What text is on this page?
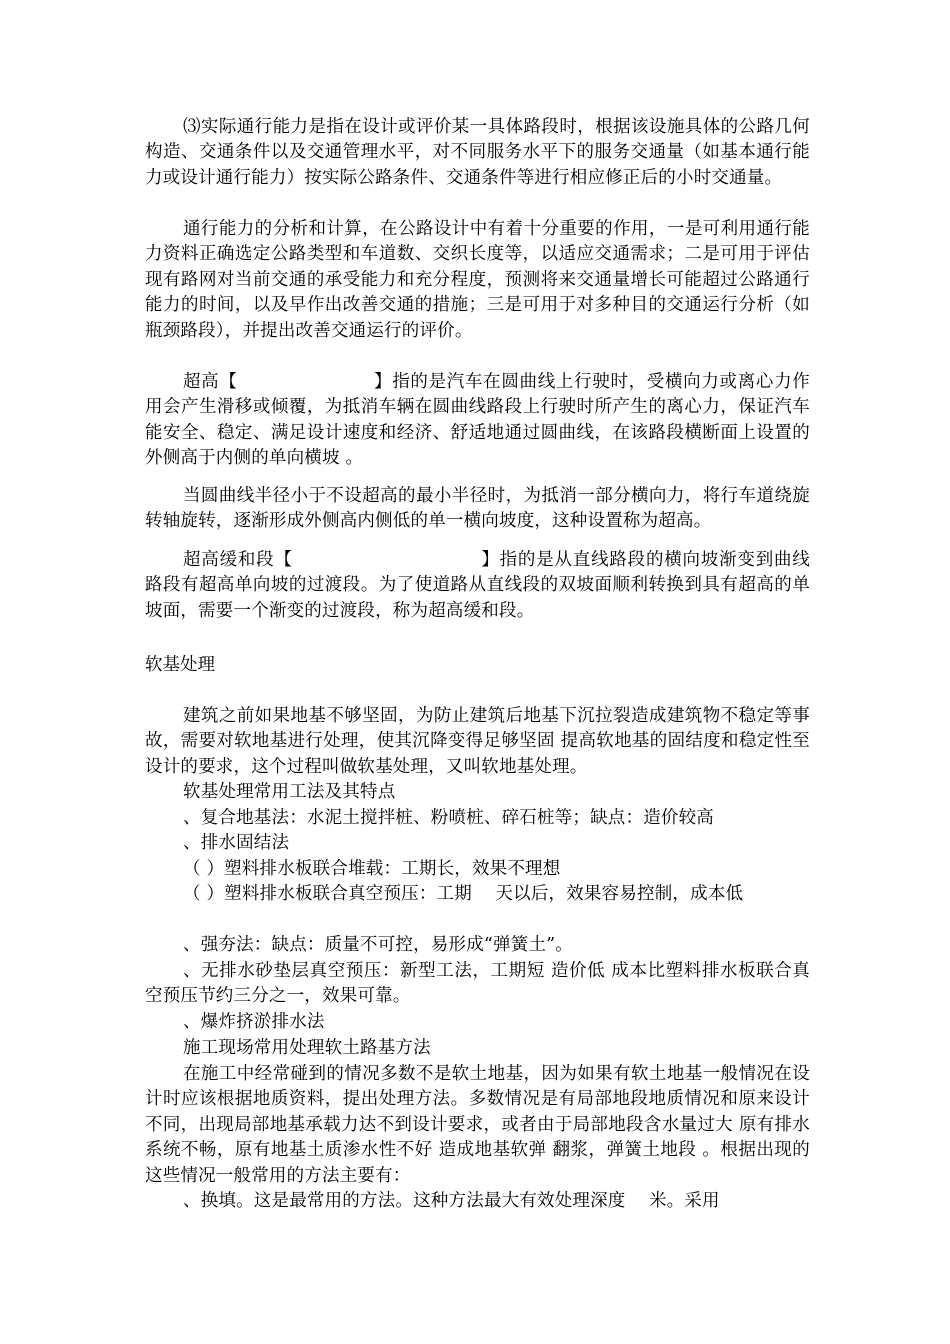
⑶实际通行能力是指在设计或评价某一具体路段时，根据该设施具体的公路几何构造、交通条件以及交通管理水平，对不同服务水平下的服务交通量（如基本通行能力或设计通行能力）按实际公路条件、交通条件等进行相应修正后的小时交通量。

通行能力的分析和计算，在公路设计中有着十分重要的作用，一是可利用通行能力资料正确选定公路类型和车道数、交织长度等，以适应交通需求；二是可用于评估现有路网对当前交通的承受能力和充分程度，预测将来交通量增长可能超过公路通行能力的时间，以及早作出改善交通的措施；三是可用于对多种目的交通运行分析（如瓶颈路段），并提出改善交通运行的评价。

超高【	】指的是汽车在圆曲线上行驶时，受横向力或离心力作用会产生滑移或倾覆，为抵消车辆在圆曲线路段上行驶时所产生的离心力，保证汽车能安全、稳定、满足设计速度和经济、舒适地通过圆曲线，在该路段横断面上设置的外侧高于内侧的单向横坡 。

当圆曲线半径小于不设超高的最小半径时，为抵消一部分横向力，将行车道绕旋转轴旋转，逐渐形成外侧高内侧低的单一横向坡度，这种设置称为超高。

超高缓和段【	】指的是从直线路段的横向坡渐变到曲线路段有超高单向坡的过渡段。为了使道路从直线段的双坡面顺利转换到具有超高的单坡面，需要一个渐变的过渡段，称为超高缓和段。

软基处理

建筑之前如果地基不够坚固，为防止建筑后地基下沉拉裂造成建筑物不稳定等事故，需要对软地基进行处理，使其沉降变得足够坚固 提高软地基的固结度和稳定性至设计的要求，这个过程叫做软基处理，又叫软地基处理。

软基处理常用工法及其特点

、复合地基法：水泥土搅拌桩、粉喷桩、碎石桩等；缺点：造价较高

、排水固结法

（ ）塑料排水板联合堆载：工期长，效果不理想

（ ）塑料排水板联合真空预压：工期　 天以后，效果容易控制，成本低

、强夯法：缺点：质量不可控，易形成“弹簧土”。

、无排水砂垫层真空预压：新型工法，工期短 造价低 成本比塑料排水板联合真空预压节约三分之一，效果可靠。

、爆炸挤淤排水法

施工现场常用处理软土路基方法

在施工中经常碰到的情况多数不是软土地基，因为如果有软土地基一般情况在设计时应该根据地质资料，提出处理方法。多数情况是有局部地段地质情况和原来设计不同，出现局部地基承载力达不到设计要求，或者由于局部地段含水量过大 原有排水系统不畅，原有地基土质渗水性不好 造成地基软弹 翻浆，弹簧土地段 。根据出现的这些情况一般常用的方法主要有：

、换填。这是最常用的方法。这种方法最大有效处理深度　 米。采用
